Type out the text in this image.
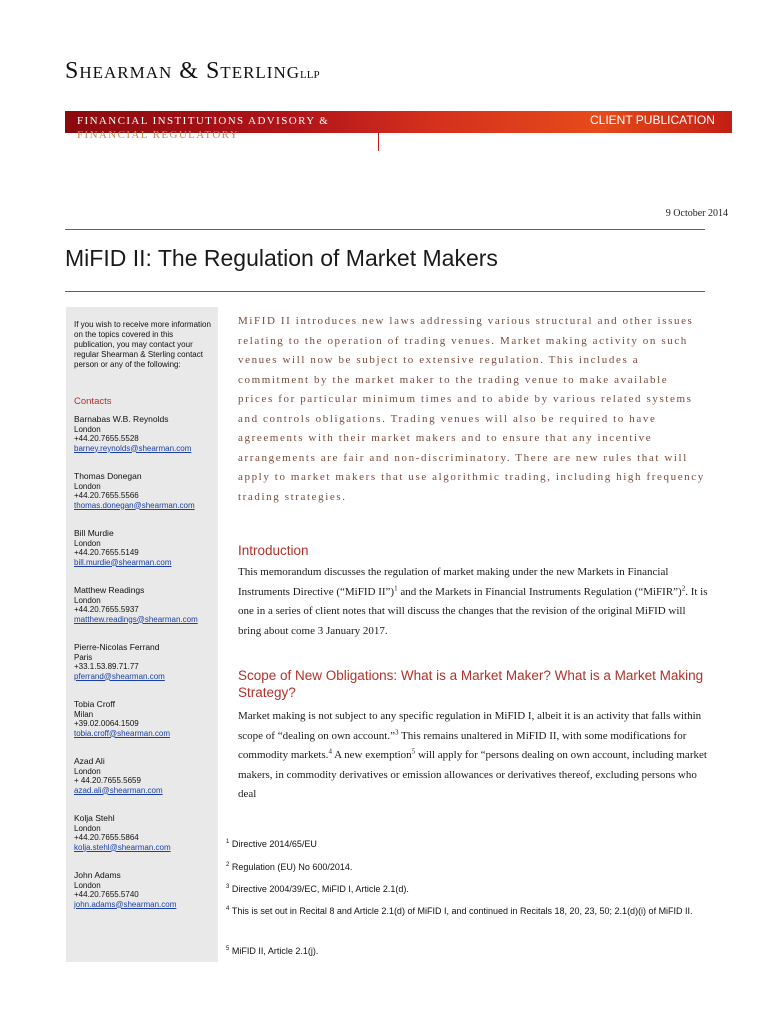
Shearman & SterlingLLP
FINANCIAL INSTITUTIONS ADVISORY &
FINANCIAL REGULATORY
CLIENT PUBLICATION
9 October 2014
MiFID II: The Regulation of Market Makers
If you wish to receive more information on the topics covered in this publication, you may contact your regular Shearman & Sterling contact person or any of the following:
Contacts
Barnabas W.B. Reynolds
London
+44.20.7655.5528
barney.reynolds@shearman.com
Thomas Donegan
London
+44.20.7655.5566
thomas.donegan@shearman.com
Bill Murdie
London
+44.20.7655.5149
bill.murdie@shearman.com
Matthew Readings
London
+44.20.7655.5937
matthew.readings@shearman.com
Pierre-Nicolas Ferrand
Paris
+33.1.53.89.71.77
pferrand@shearman.com
Tobia Croff
Milan
+39.02.0064.1509
tobia.croff@shearman.com
Azad Ali
London
+ 44.20.7655.5659
azad.ali@shearman.com
Kolja Stehl
London
+44.20.7655.5864
kolja.stehl@shearman.com
John Adams
London
+44.20.7655.5740
john.adams@shearman.com
MiFID II introduces new laws addressing various structural and other issues relating to the operation of trading venues. Market making activity on such venues will now be subject to extensive regulation. This includes a commitment by the market maker to the trading venue to make available prices for particular minimum times and to abide by various related systems and controls obligations. Trading venues will also be required to have agreements with their market makers and to ensure that any incentive arrangements are fair and non-discriminatory. There are new rules that will apply to market makers that use algorithmic trading, including high frequency trading strategies.
Introduction
This memorandum discusses the regulation of market making under the new Markets in Financial Instruments Directive (“MiFID II”)$^1$ and the Markets in Financial Instruments Regulation (“MiFIR”)$^2$. It is one in a series of client notes that will discuss the changes that the revision of the original MiFID will bring about come 3 January 2017.
Scope of New Obligations: What is a Market Maker? What is a Market Making Strategy?
Market making is not subject to any specific regulation in MiFID I, albeit it is an activity that falls within scope of “dealing on own account.”$^3$ This remains unaltered in MiFID II, with some modifications for commodity markets.$^4$ A new exemption$^5$ will apply for “persons dealing on own account, including market makers, in commodity derivatives or emission allowances or derivatives thereof, excluding persons who deal
$^1$ Directive 2014/65/EU
$^2$ Regulation (EU) No 600/2014.
$^3$ Directive 2004/39/EC, MiFID I, Article 2.1(d).
$^4$ This is set out in Recital 8 and Article 2.1(d) of MiFID I, and continued in Recitals 18, 20, 23, 50; 2.1(d)(i) of MiFID II.
$^5$ MiFID II, Article 2.1(j).
